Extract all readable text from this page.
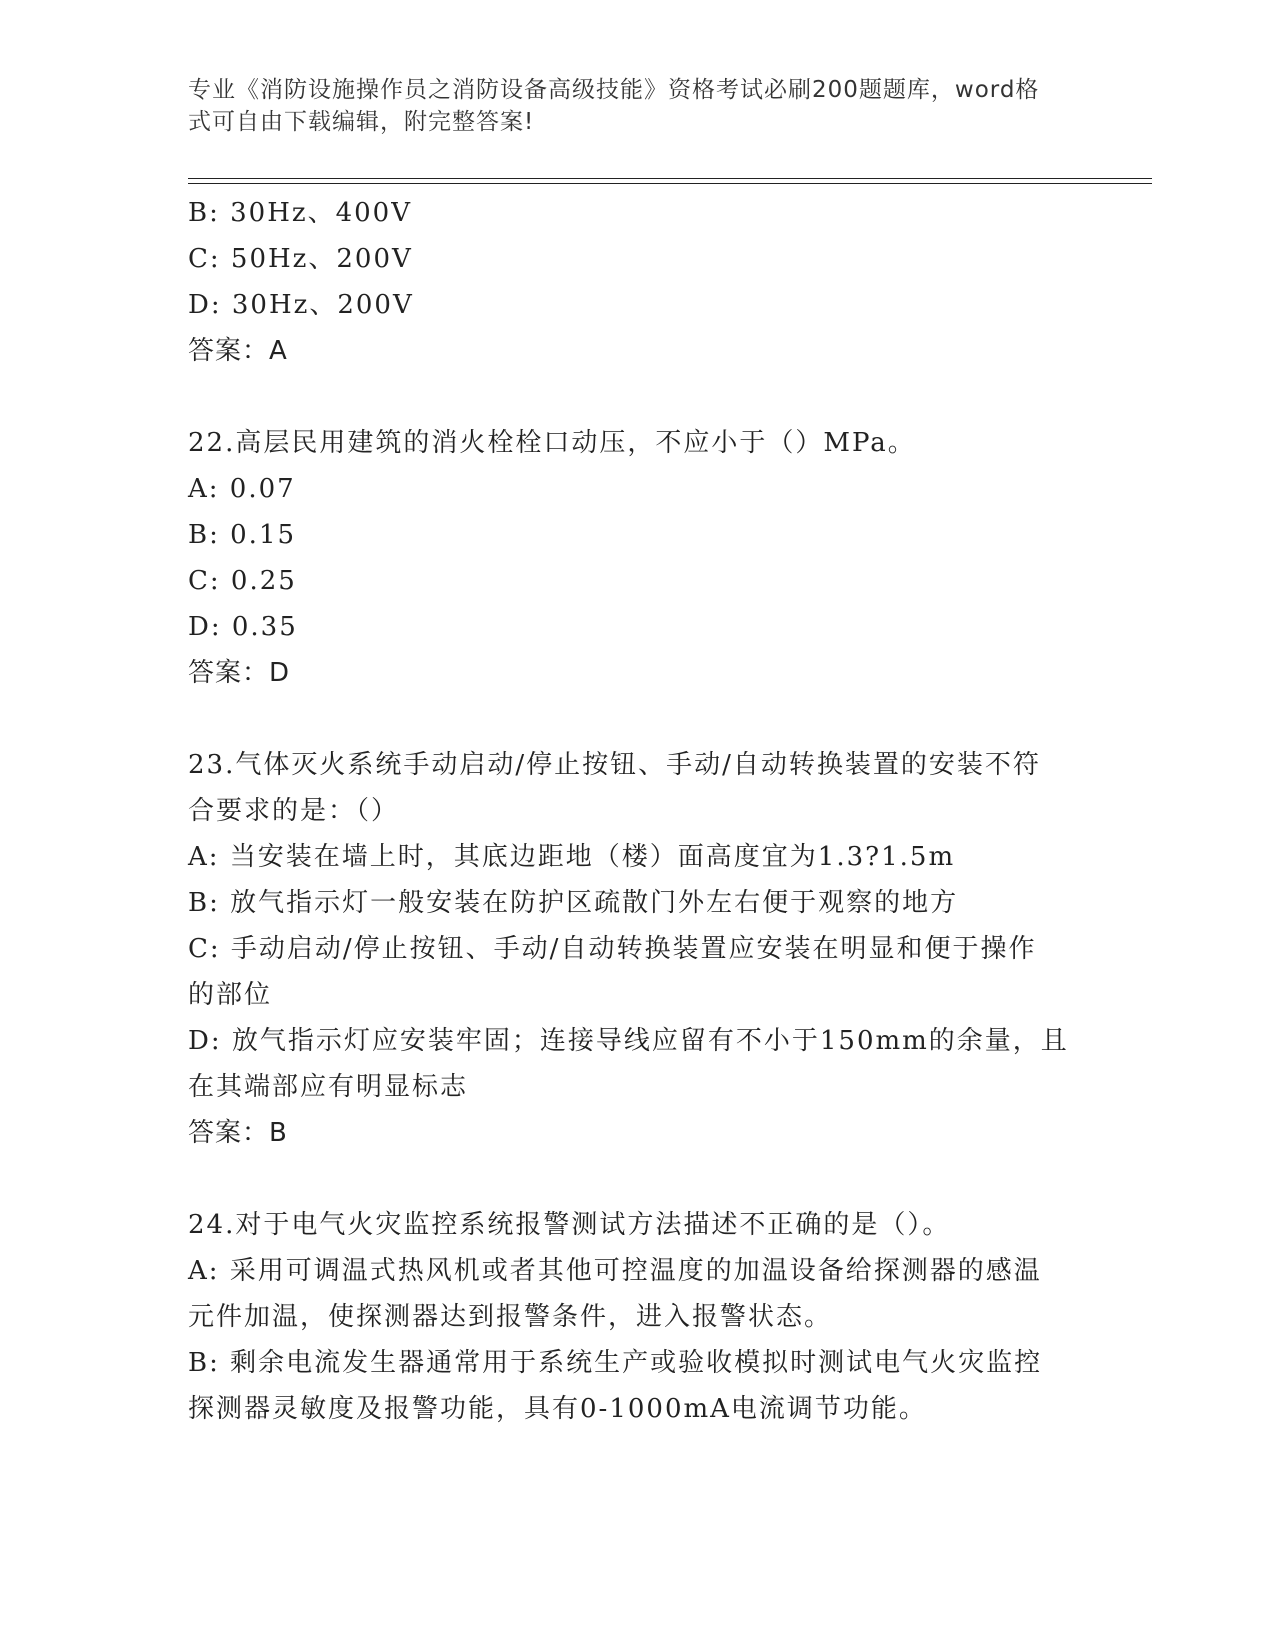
专业《消防设施操作员之消防设备高级技能》资格考试必刷200题题库，word格
式可自由下载编辑，附完整答案!
B: 30Hz、400V
C: 50Hz、200V
D: 30Hz、200V
答案：A
22.高层民用建筑的消火栓栓口动压，不应小于（）MPa。
A: 0.07
B: 0.15
C: 0.25
D: 0.35
答案：D
23.气体灭火系统手动启动/停止按钮、手动/自动转换装置的安装不符
合要求的是：（）
A: 当安装在墙上时，其底边距地（楼）面高度宜为1.3?1.5m
B: 放气指示灯一般安装在防护区疏散门外左右便于观察的地方
C: 手动启动/停止按钮、手动/自动转换装置应安装在明显和便于操作
的部位
D: 放气指示灯应安装牢固；连接导线应留有不小于150mm的余量，且
在其端部应有明显标志
答案：B
24.对于电气火灾监控系统报警测试方法描述不正确的是（）。
A: 采用可调温式热风机或者其他可控温度的加温设备给探测器的感温
元件加温，使探测器达到报警条件，进入报警状态。
B: 剩余电流发生器通常用于系统生产或验收模拟时测试电气火灾监控
探测器灵敏度及报警功能，具有0-1000mA电流调节功能。
